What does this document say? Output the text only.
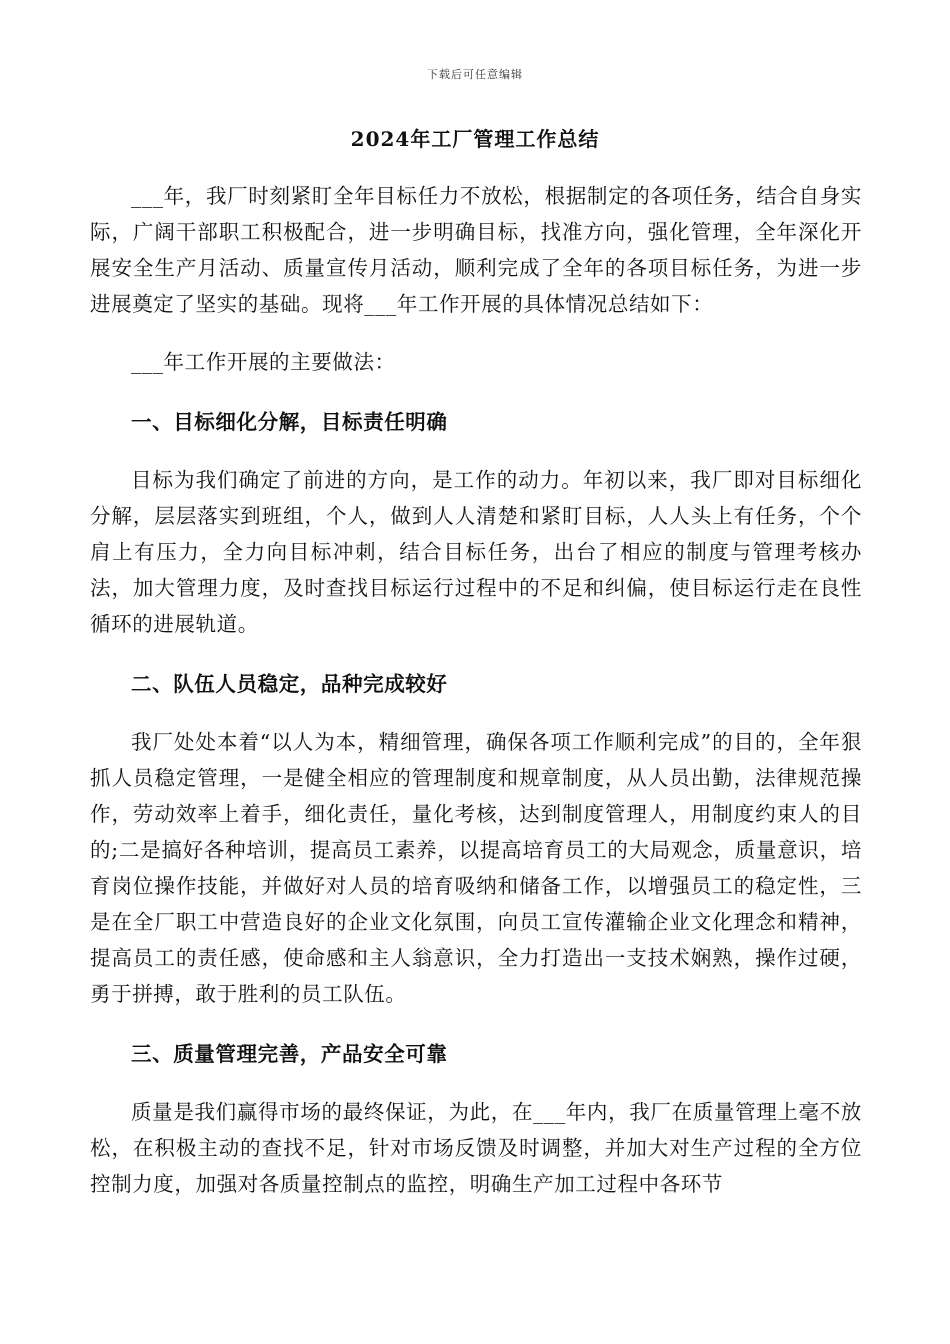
下载后可任意编辑
2024年工厂管理工作总结

___年，我厂时刻紧盯全年目标任力不放松，根据制定的各项任务，结合自身实际，广阔干部职工积极配合，进一步明确目标，找准方向，强化管理，全年深化开展安全生产月活动、质量宣传月活动，顺利完成了全年的各项目标任务，为进一步进展奠定了坚实的基础。现将___年工作开展的具体情况总结如下：

___年工作开展的主要做法：

一、目标细化分解，目标责任明确

目标为我们确定了前进的方向，是工作的动力。年初以来，我厂即对目标细化分解，层层落实到班组，个人，做到人人清楚和紧盯目标，人人头上有任务，个个肩上有压力，全力向目标冲刺，结合目标任务，出台了相应的制度与管理考核办法，加大管理力度，及时查找目标运行过程中的不足和纠偏，使目标运行走在良性循环的进展轨道。

二、队伍人员稳定，品种完成较好

我厂处处本着“以人为本，精细管理，确保各项工作顺利完成”的目的，全年狠抓人员稳定管理，一是健全相应的管理制度和规章制度，从人员出勤，法律规范操作，劳动效率上着手，细化责任，量化考核，达到制度管理人，用制度约束人的目的;二是搞好各种培训，提高员工素养，以提高培育员工的大局观念，质量意识，培育岗位操作技能，并做好对人员的培育吸纳和储备工作，以增强员工的稳定性，三是在全厂职工中营造良好的企业文化氛围，向员工宣传灌输企业文化理念和精神，提高员工的责任感，使命感和主人翁意识，全力打造出一支技术娴熟，操作过硬，勇于拼搏，敢于胜利的员工队伍。

三、质量管理完善，产品安全可靠

质量是我们赢得市场的最终保证，为此，在___年内，我厂在质量管理上毫不放松，在积极主动的查找不足，针对市场反馈及时调整，并加大对生产过程的全方位控制力度，加强对各质量控制点的监控，明确生产加工过程中各环节
